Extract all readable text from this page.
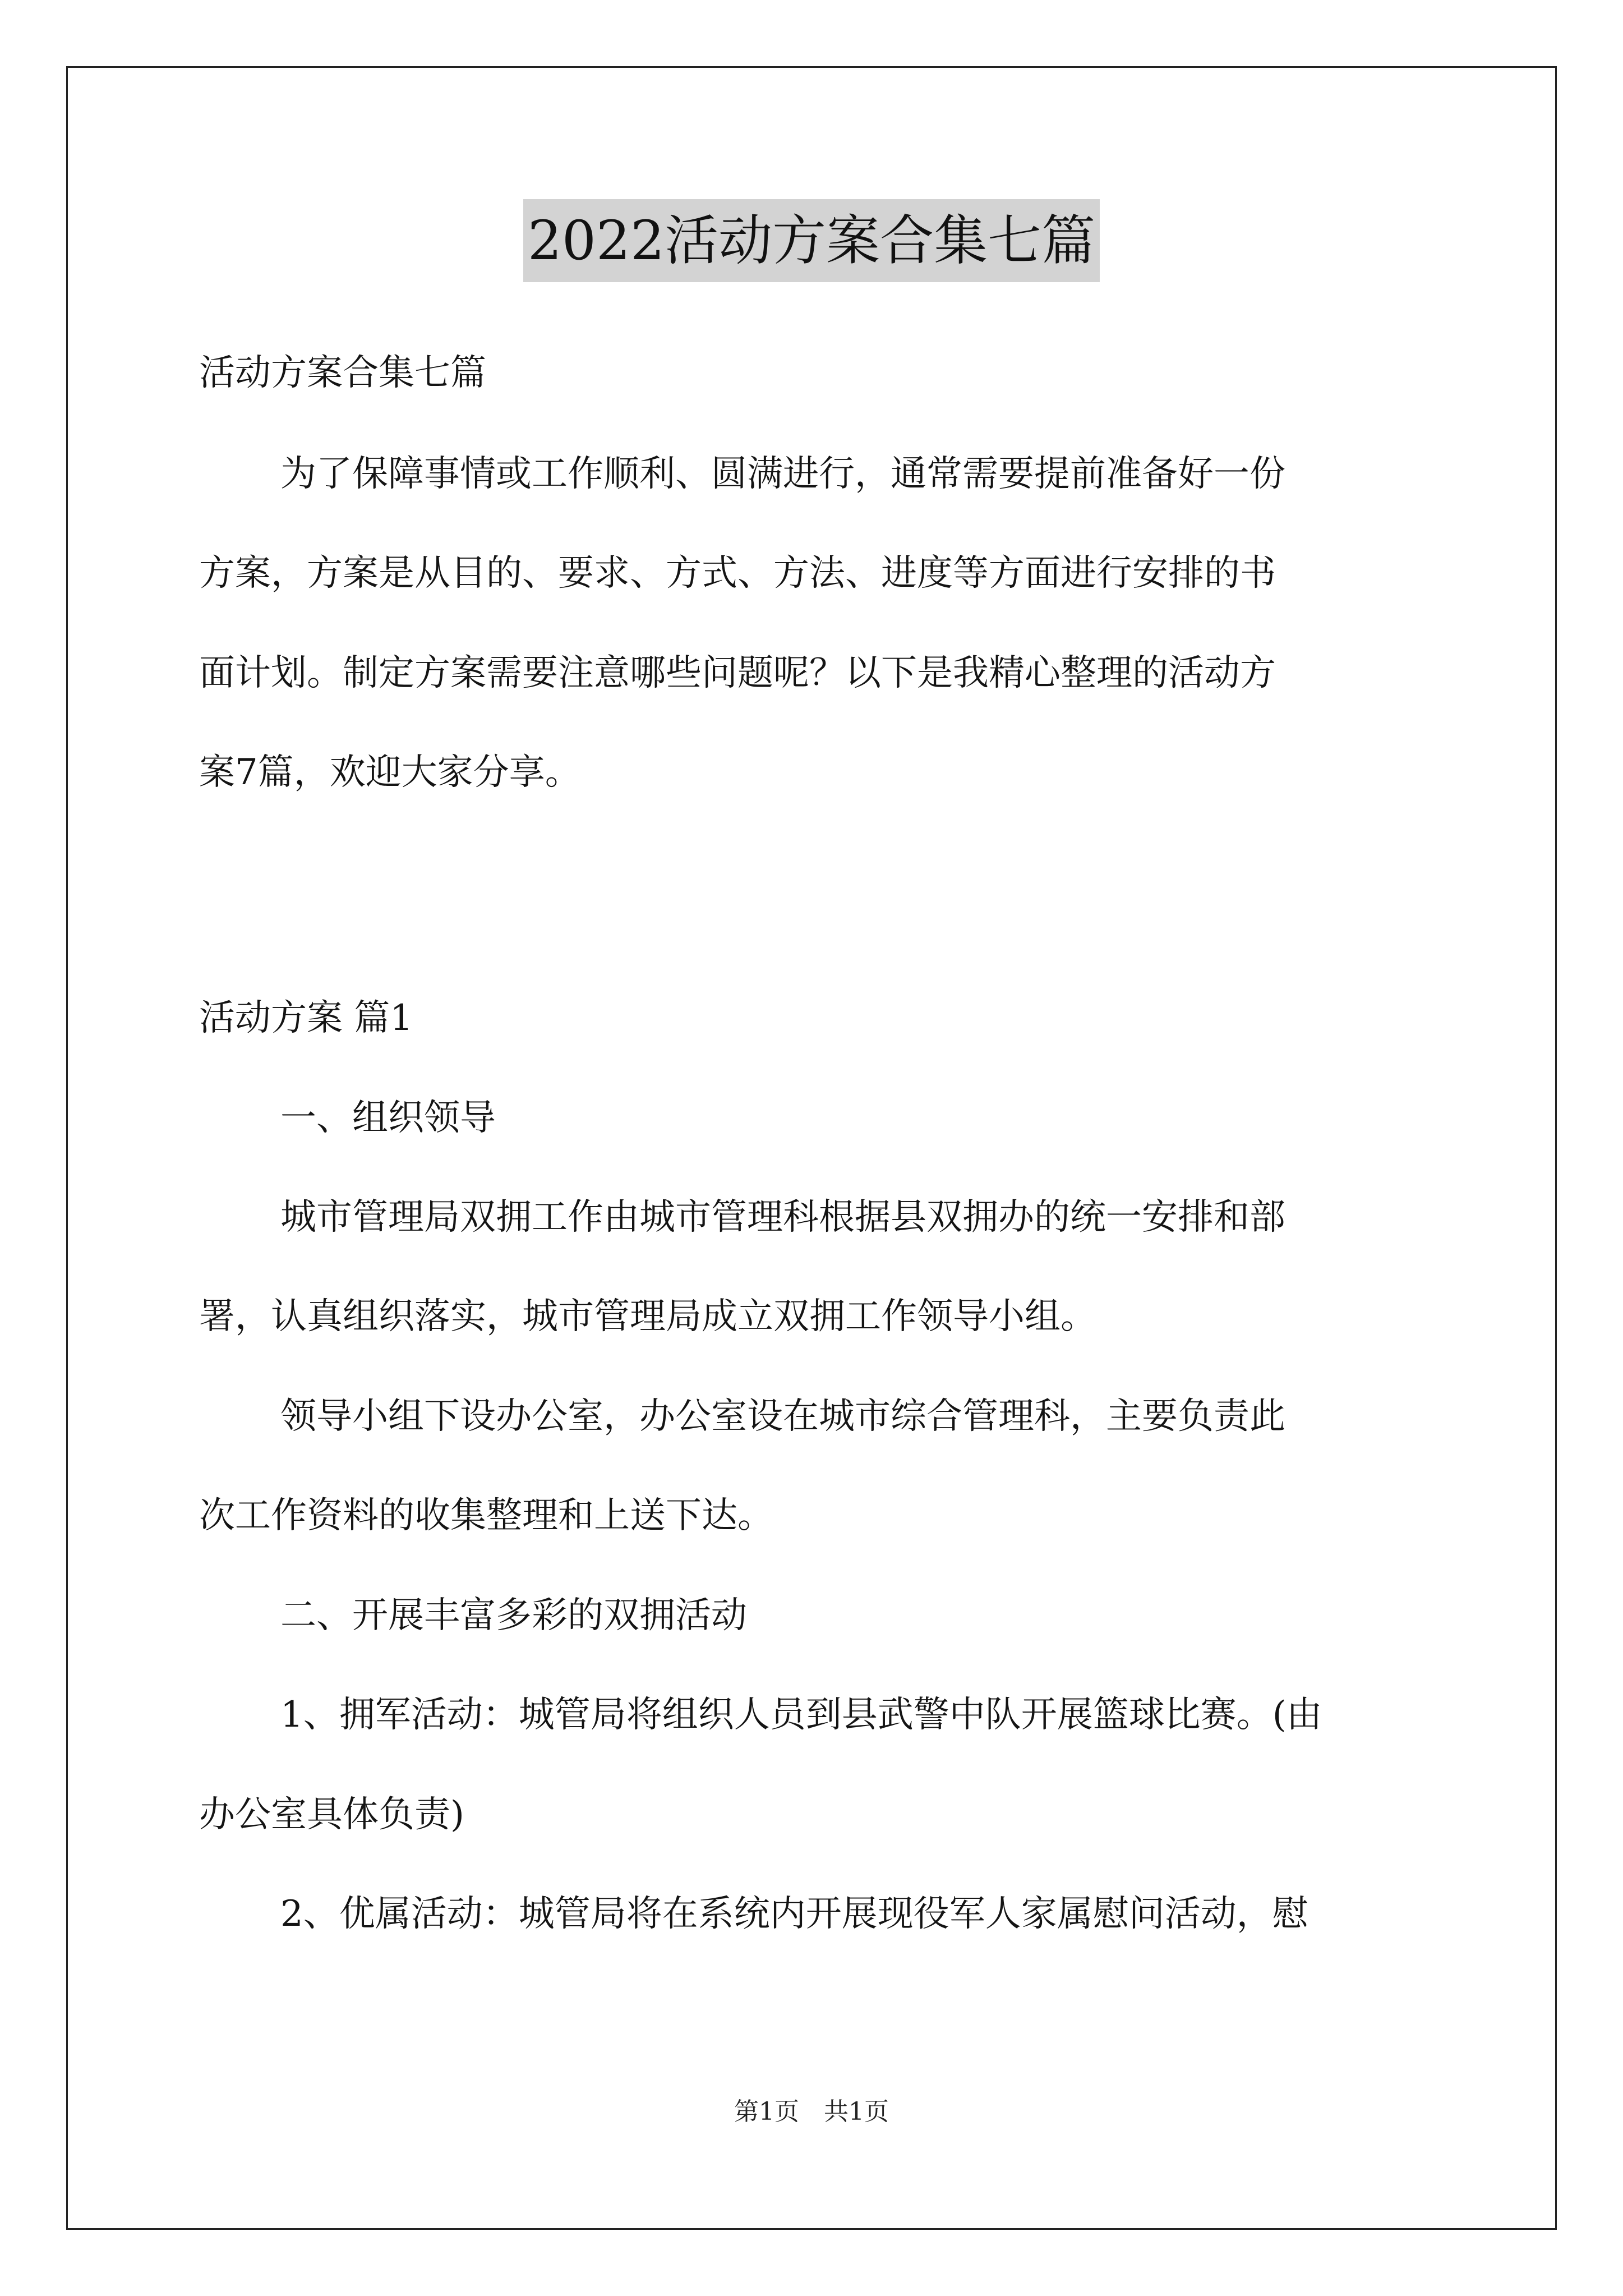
2022活动方案合集七篇
活动方案合集七篇
为了保障事情或工作顺利、圆满进行，通常需要提前准备好一份
方案，方案是从目的、要求、方式、方法、进度等方面进行安排的书
面计划。制定方案需要注意哪些问题呢？以下是我精心整理的活动方
案7篇，欢迎大家分享。
活动方案 篇1
一、组织领导
城市管理局双拥工作由城市管理科根据县双拥办的统一安排和部
署，认真组织落实，城市管理局成立双拥工作领导小组。
领导小组下设办公室，办公室设在城市综合管理科，主要负责此
次工作资料的收集整理和上送下达。
二、开展丰富多彩的双拥活动
1、拥军活动：城管局将组织人员到县武警中队开展篮球比赛。(由
办公室具体负责)
2、优属活动：城管局将在系统内开展现役军人家属慰问活动，慰
第1页 共1页
